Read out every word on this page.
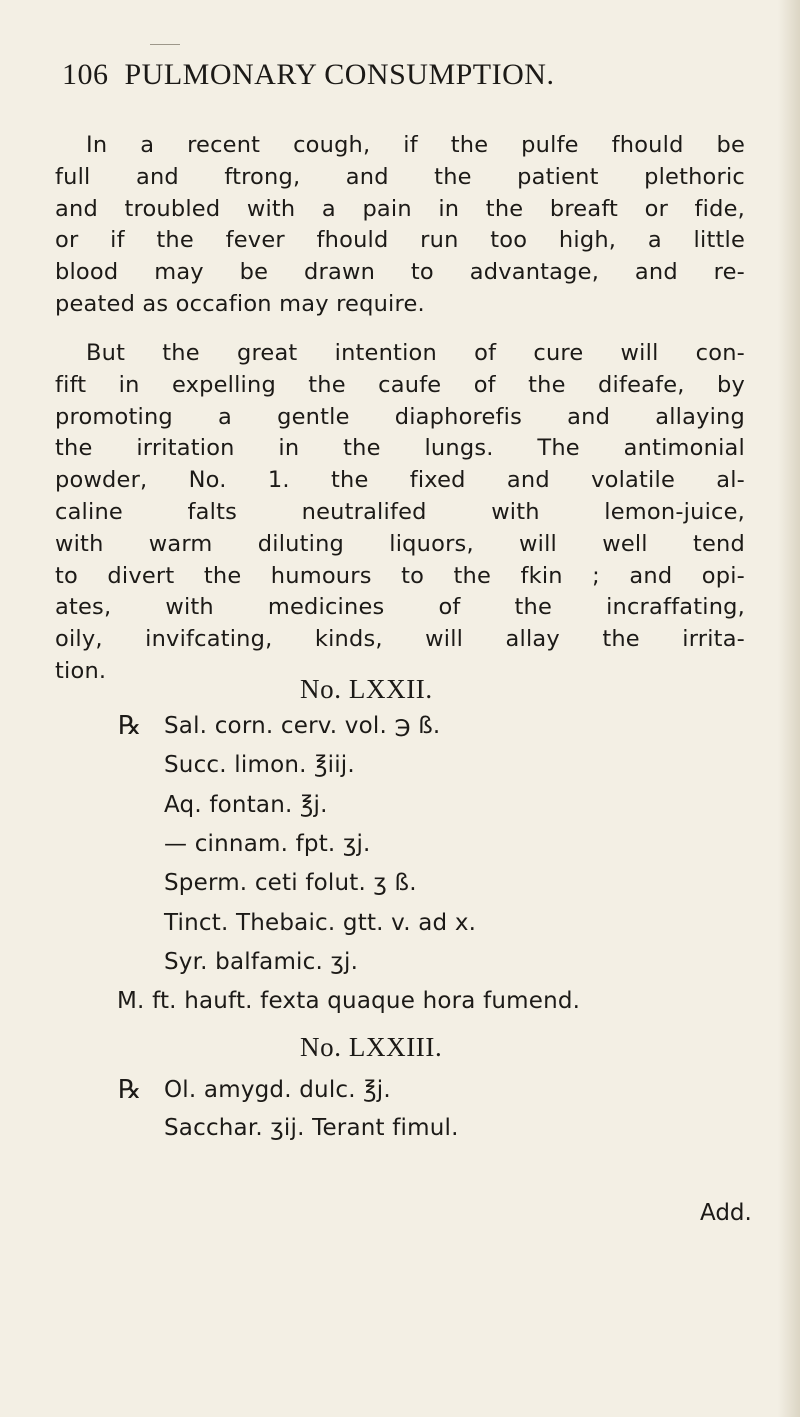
106 PULMONARY CONSUMPTION.
In a recent cough, if the pulfe fhould be
full and ftrong, and the patient plethoric
and troubled with a pain in the breaft or fide,
or if the fever fhould run too high, a little
blood may be drawn to advantage, and re-
peated as occafion may require.
But the great intention of cure will con-
fift in expelling the caufe of the difeafe, by
promoting a gentle diaphorefis and allaying
the irritation in the lungs. The antimonial
powder, No. 1. the fixed and volatile al-
caline falts neutralifed with lemon-juice,
with warm diluting liquors, will well tend
to divert the humours to the fkin ; and opi-
ates, with medicines of the incraffating,
oily, invifcating, kinds, will allay the irrita-
tion.
No. LXXII.
℞ Sal. corn. cerv. vol. ℈ ß.
Succ. limon. ℥iij.
Aq. fontan. ℥j.
— cinnam. fpt. ʒj.
Sperm. ceti folut. ʒ ß.
Tinct. Thebaic. gtt. v. ad x.
Syr. balfamic. ʒj.
M. ft. hauft. fexta quaque hora fumend.
No. LXXIII.
℞ Ol. amygd. dulc. ℥j.
Sacchar. ʒij. Terant fimul.
Add.
